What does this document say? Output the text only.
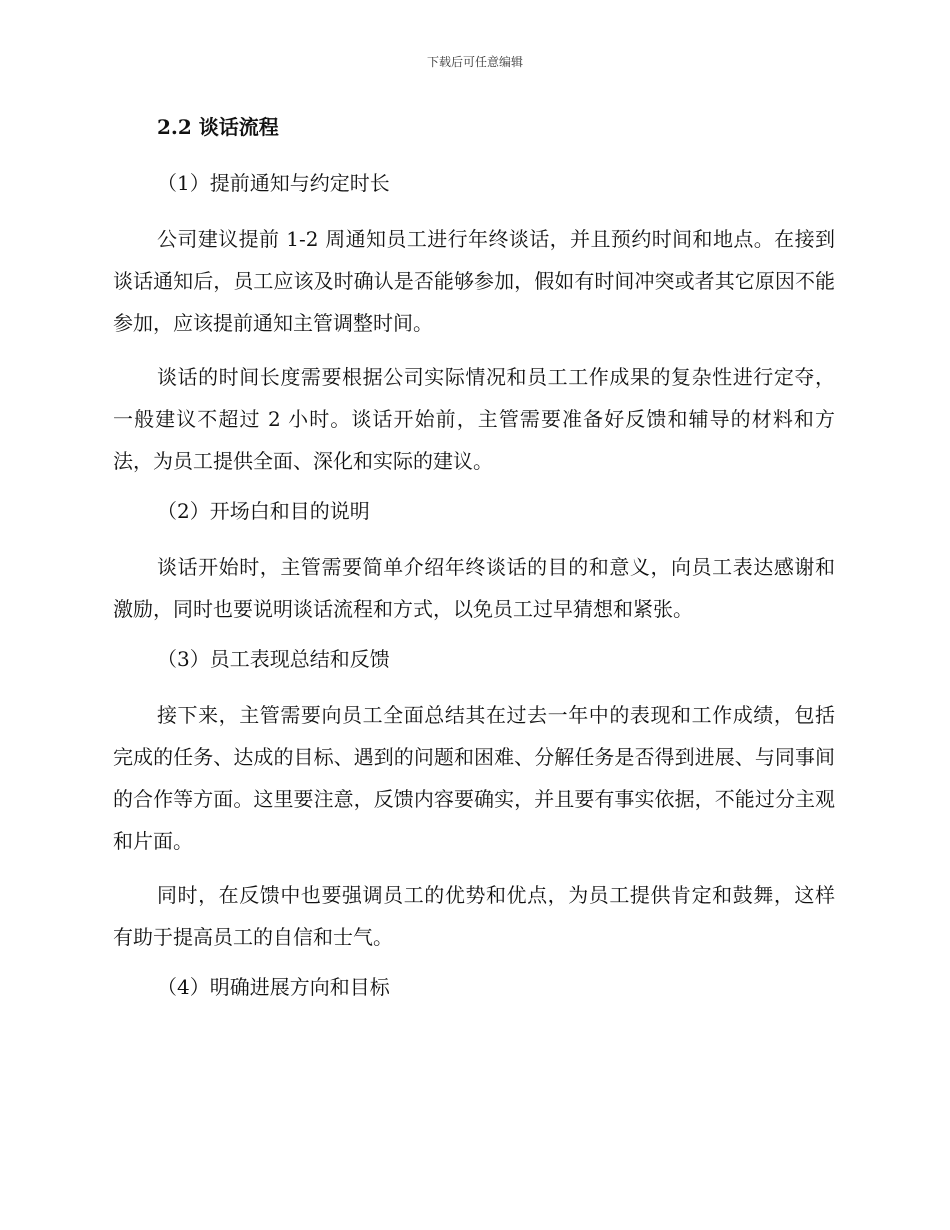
下载后可任意编辑
2.2 谈话流程
（1）提前通知与约定时长

公司建议提前 1-2 周通知员工进行年终谈话，并且预约时间和地点。在接到谈话通知后，员工应该及时确认是否能够参加，假如有时间冲突或者其它原因不能参加，应该提前通知主管调整时间。

谈话的时间长度需要根据公司实际情况和员工工作成果的复杂性进行定夺，一般建议不超过 2 小时。谈话开始前，主管需要准备好反馈和辅导的材料和方法，为员工提供全面、深化和实际的建议。

（2）开场白和目的说明

谈话开始时，主管需要简单介绍年终谈话的目的和意义，向员工表达感谢和激励，同时也要说明谈话流程和方式，以免员工过早猜想和紧张。

（3）员工表现总结和反馈

接下来，主管需要向员工全面总结其在过去一年中的表现和工作成绩，包括完成的任务、达成的目标、遇到的问题和困难、分解任务是否得到进展、与同事间的合作等方面。这里要注意，反馈内容要确实，并且要有事实依据，不能过分主观和片面。

同时，在反馈中也要强调员工的优势和优点，为员工提供肯定和鼓舞，这样有助于提高员工的自信和士气。

（4）明确进展方向和目标
